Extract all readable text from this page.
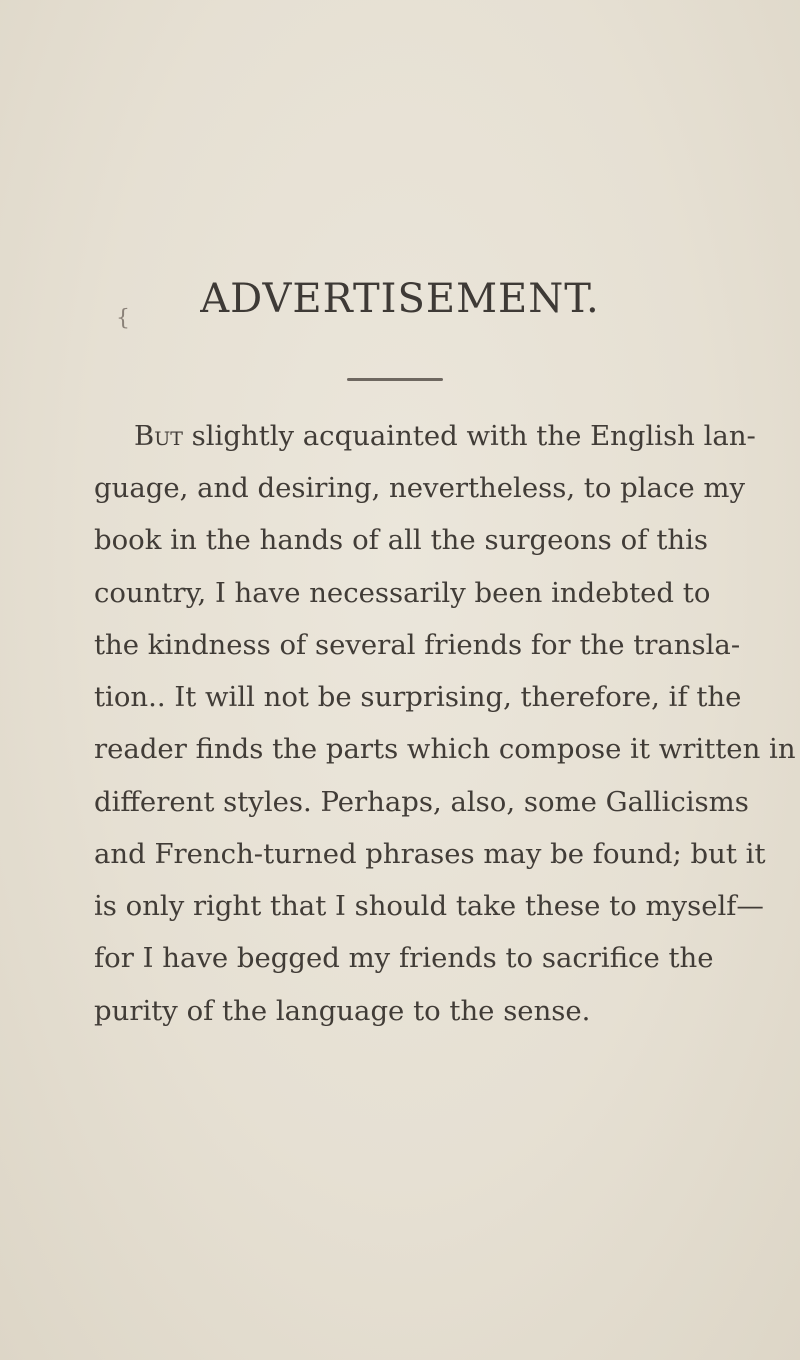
{	ADVERTISEMENT.
But slightly acquainted with the English lan-
guage, and desiring, nevertheless, to place my
book in the hands of all the surgeons of this
country, I have necessarily been indebted to
the kindness of several friends for the transla-
tion.. It will not be surprising, therefore, if the
reader finds the parts which compose it written in
different styles. Perhaps, also, some Gallicisms
and French-turned phrases may be found; but it
is only right that I should take these to myself—
for I have begged my friends to sacrifice the
purity of the language to the sense.
